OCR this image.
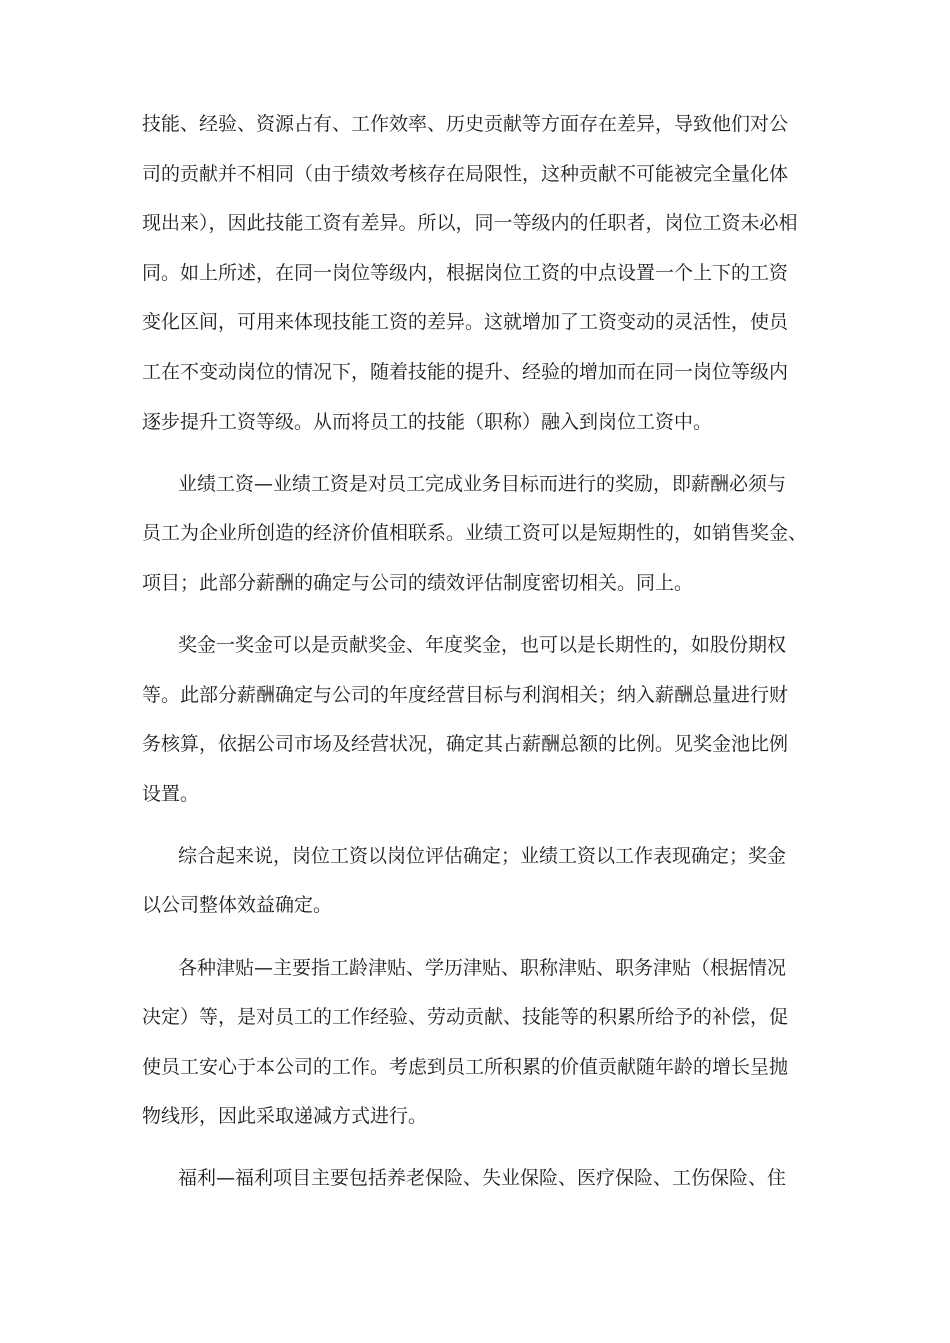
技能、经验、资源占有、工作效率、历史贡献等方面存在差异，导致他们对公
司的贡献并不相同（由于绩效考核存在局限性，这种贡献不可能被完全量化体
现出来），因此技能工资有差异。所以，同一等级内的任职者，岗位工资未必相
同。如上所述，在同一岗位等级内，根据岗位工资的中点设置一个上下的工资
变化区间，可用来体现技能工资的差异。这就增加了工资变动的灵活性，使员
工在不变动岗位的情况下，随着技能的提升、经验的增加而在同一岗位等级内
逐步提升工资等级。从而将员工的技能（职称）融入到岗位工资中。
业绩工资—业绩工资是对员工完成业务目标而进行的奖励，即薪酬必须与
员工为企业所创造的经济价值相联系。业绩工资可以是短期性的，如销售奖金、
项目；此部分薪酬的确定与公司的绩效评估制度密切相关。同上。
奖金一奖金可以是贡献奖金、年度奖金，也可以是长期性的，如股份期权
等。此部分薪酬确定与公司的年度经营目标与利润相关；纳入薪酬总量进行财
务核算，依据公司市场及经营状况，确定其占薪酬总额的比例。见奖金池比例
设置。
综合起来说，岗位工资以岗位评估确定；业绩工资以工作表现确定；奖金
以公司整体效益确定。
各种津贴—主要指工龄津贴、学历津贴、职称津贴、职务津贴（根据情况
决定）等，是对员工的工作经验、劳动贡献、技能等的积累所给予的补偿，促
使员工安心于本公司的工作。考虑到员工所积累的价值贡献随年龄的增长呈抛
物线形，因此采取递减方式进行。
福利—福利项目主要包括养老保险、失业保险、医疗保险、工伤保险、住
